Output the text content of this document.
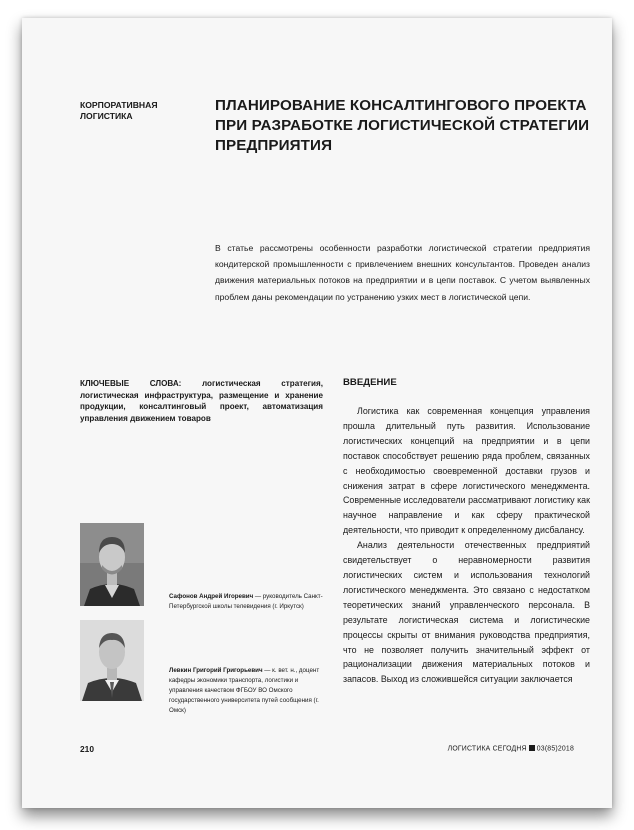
КОРПОРАТИВНАЯ
ЛОГИСТИКА
ПЛАНИРОВАНИЕ КОНСАЛТИНГОВОГО ПРОЕКТА ПРИ РАЗРАБОТКЕ ЛОГИСТИЧЕСКОЙ СТРАТЕГИИ ПРЕДПРИЯТИЯ
В статье рассмотрены особенности разработки логистической стратегии предприятия кондитерской промышленности с привлечением внешних консультантов. Проведен анализ движения материальных потоков на предприятии и в цепи поставок. С учетом выявленных проблем даны рекомендации по устранению узких мест в логистической цепи.
КЛЮЧЕВЫЕ СЛОВА:	логистическая стратегия, логистическая инфраструктура, размещение и хранение продукции, консалтинговый проект, автоматизация управления движением товаров
Сафонов Андрей Игоревич — руководитель Санкт-Петербургской школы телевидения (г. Иркутск)
Левкин Григорий Григорьевич — к. вет. н., доцент кафедры экономики транспорта, логистики и управления качеством ФГБОУ ВО Омского государственного университета путей сообщения (г. Омск)
ВВЕДЕНИЕ

Логистика как современная концепция управления прошла длительный путь развития. Использование логистических концепций на предприятии и в цепи поставок способствует решению ряда проблем, связанных с необходимостью своевременной доставки грузов и снижения затрат в сфере логистического менеджмента. Современные исследователи рассматривают логистику как научное направление и как сферу практической деятельности, что приводит к определенному дисбалансу.

Анализ деятельности отечественных предприятий свидетельствует о неравномерности развития логистических систем и использования технологий логистического менеджмента. Это связано с недостатком теоретических знаний управленческого персонала. В результате логистическая система и логистические процессы скрыты от внимания руководства предприятия, что не позволяет получить значительный эффект от рационализации движения материальных потоков и запасов. Выход из сложившейся ситуации заключается

210	ЛОГИСТИКА СЕГОДНЯ 03(85)2018
